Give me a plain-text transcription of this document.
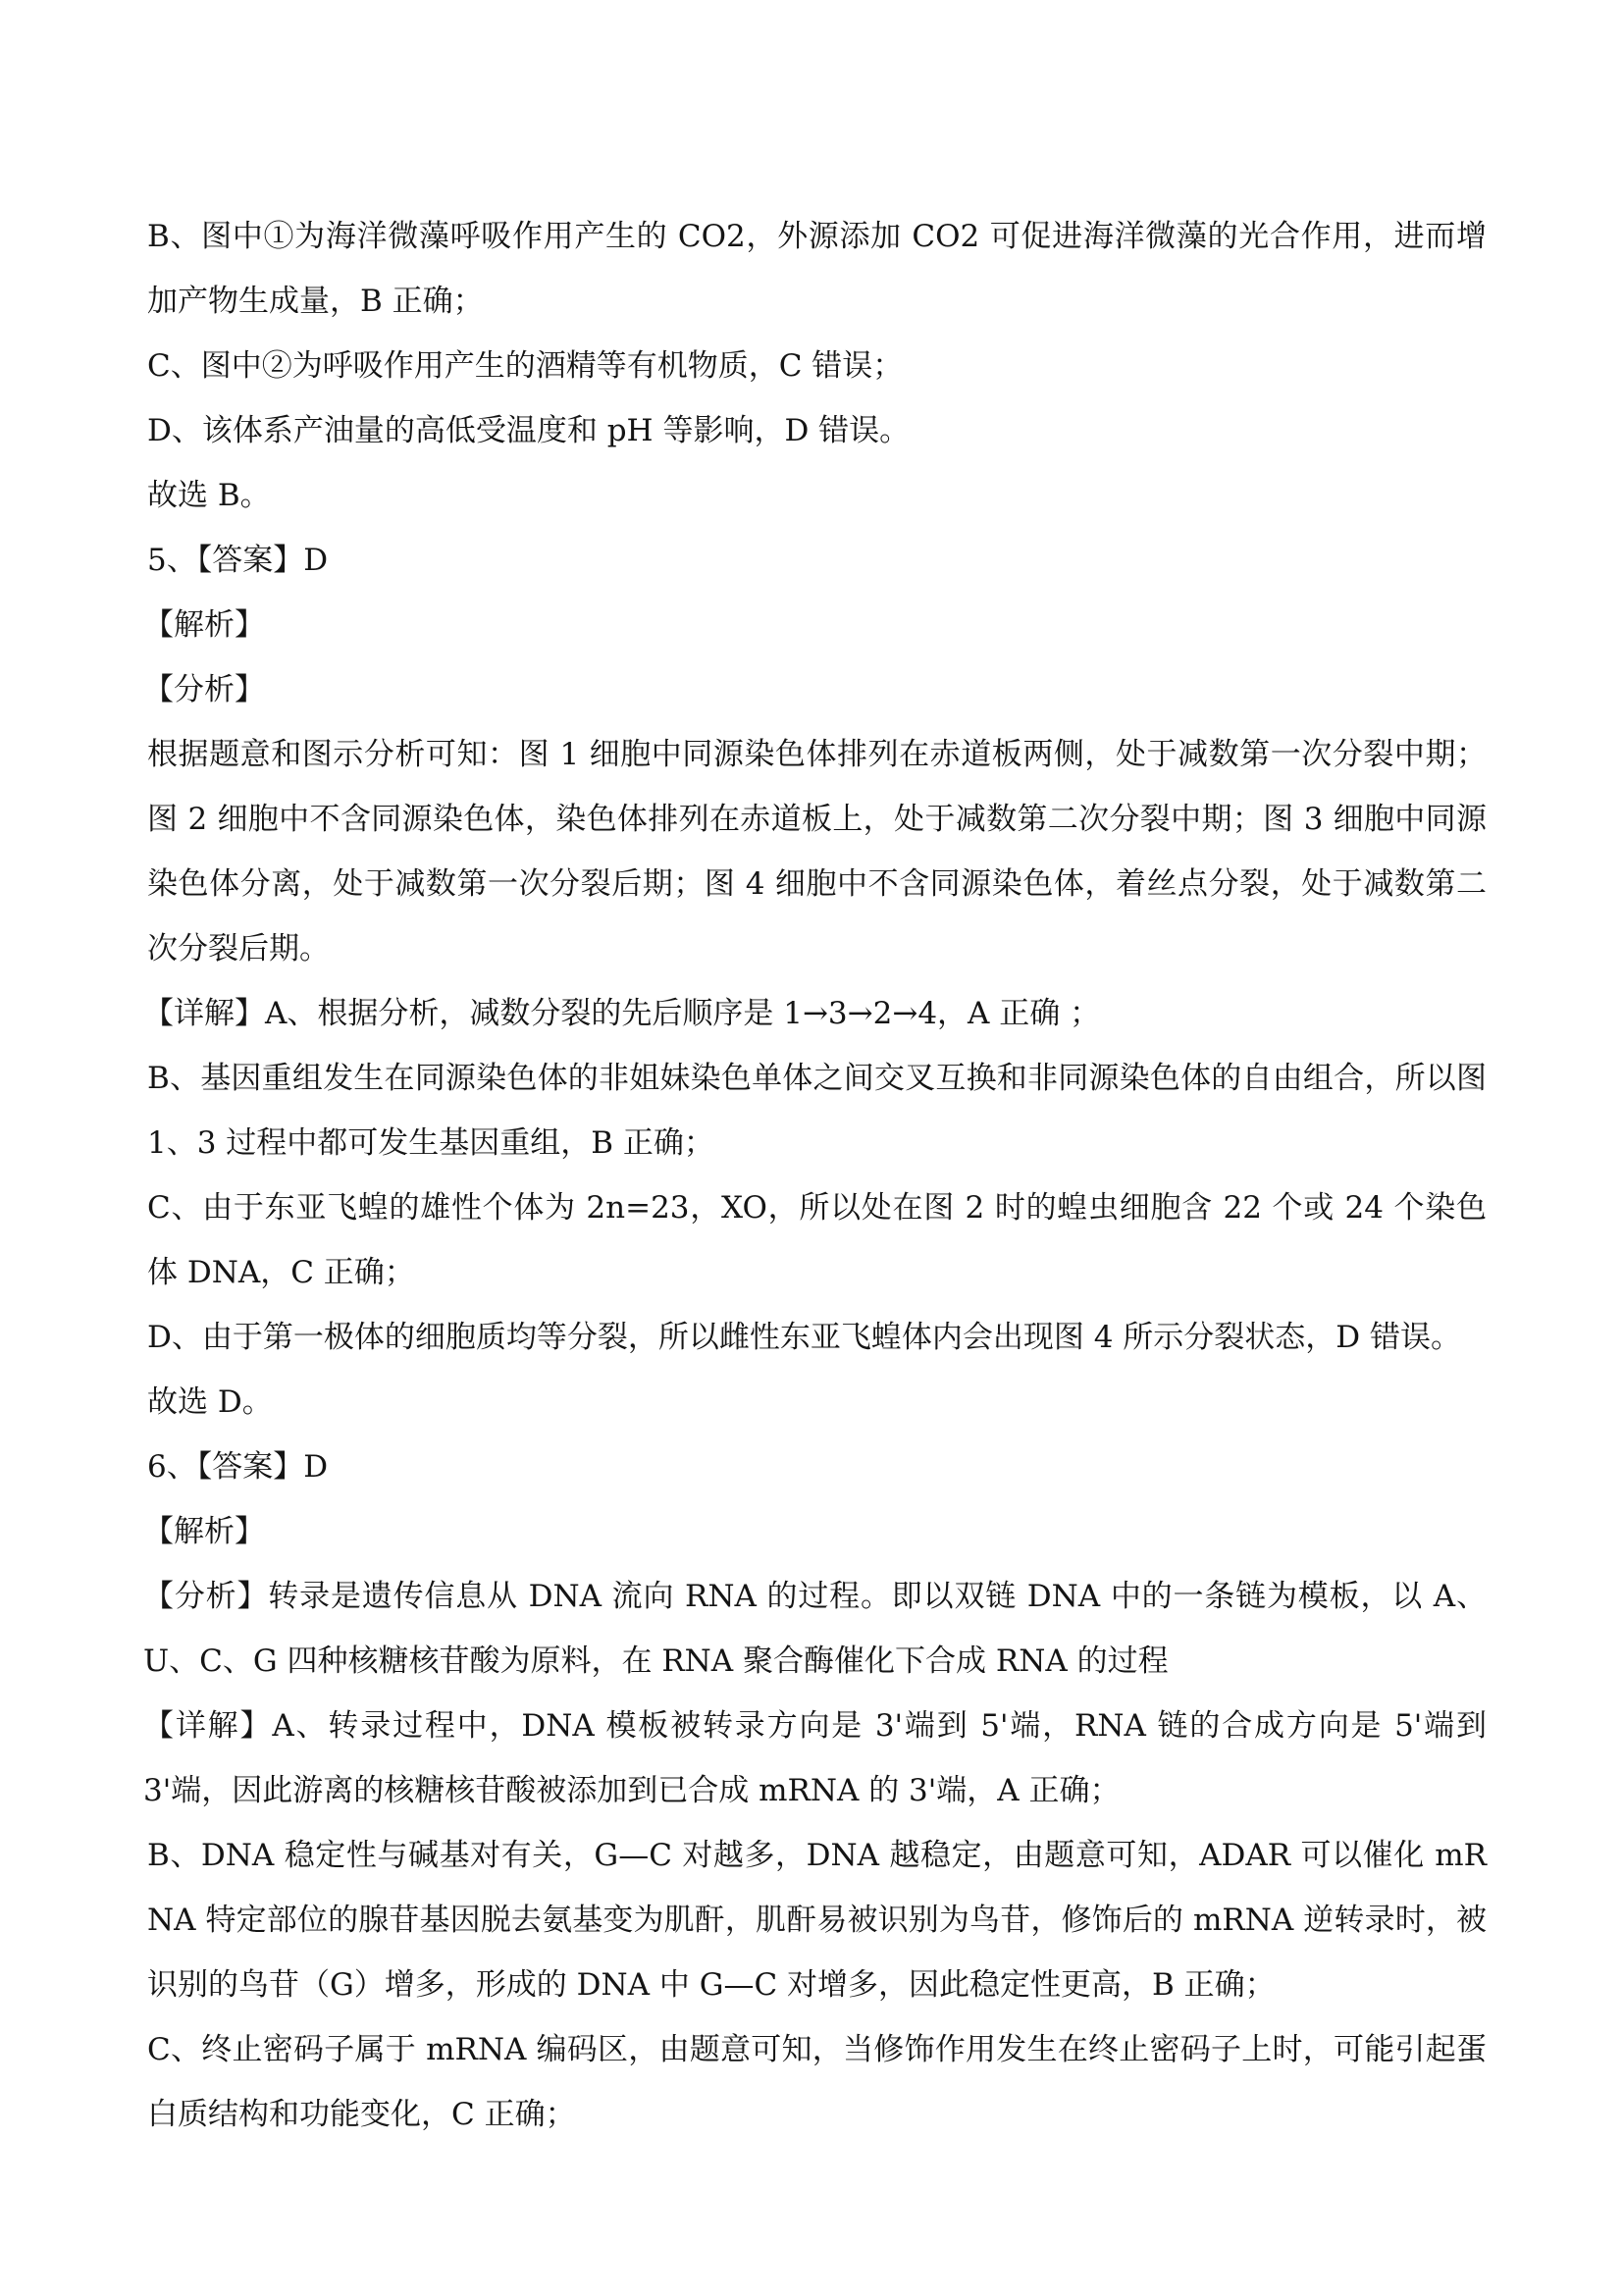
B、图中①为海洋微藻呼吸作用产生的 CO2，外源添加 CO2 可促进海洋微藻的光合作用，进而增加产物生成量，B 正确；

C、图中②为呼吸作用产生的酒精等有机物质，C 错误；

D、该体系产油量的高低受温度和 pH 等影响，D 错误。

故选 B。

5、【答案】D

【解析】

【分析】

根据题意和图示分析可知：图 1 细胞中同源染色体排列在赤道板两侧，处于减数第一次分裂中期；图 2 细胞中不含同源染色体，染色体排列在赤道板上，处于减数第二次分裂中期；图 3 细胞中同源染色体分离，处于减数第一次分裂后期；图 4 细胞中不含同源染色体，着丝点分裂，处于减数第二次分裂后期。

【详解】A、根据分析，减数分裂的先后顺序是 1→3→2→4，A 正确 ；

B、基因重组发生在同源染色体的非姐妹染色单体之间交叉互换和非同源染色体的自由组合，所以图 1、3 过程中都可发生基因重组，B 正确；

C、由于东亚飞蝗的雄性个体为 2n=23，XO，所以处在图 2 时的蝗虫细胞含 22 个或 24 个染色体 DNA，C 正确；

D、由于第一极体的细胞质均等分裂，所以雌性东亚飞蝗体内会出现图 4 所示分裂状态，D 错误。

故选 D。

6、【答案】D

【解析】

【分析】转录是遗传信息从 DNA 流向 RNA 的过程。即以双链 DNA 中的一条链为模板，以 A、U、C、G 四种核糖核苷酸为原料，在 RNA 聚合酶催化下合成 RNA 的过程

【详解】A、转录过程中，DNA 模板被转录方向是 3'端到 5'端，RNA 链的合成方向是 5'端到 3'端，因此游离的核糖核苷酸被添加到已合成 mRNA 的 3'端，A 正确；

B、DNA 稳定性与碱基对有关，G—C 对越多，DNA 越稳定，由题意可知，ADAR 可以催化 mRNA 特定部位的腺苷基因脱去氨基变为肌酐，肌酐易被识别为鸟苷，修饰后的 mRNA 逆转录时，被识别的鸟苷（G）增多，形成的 DNA 中 G—C 对增多，因此稳定性更高，B 正确；

C、终止密码子属于 mRNA 编码区，由题意可知，当修饰作用发生在终止密码子上时，可能引起蛋白质结构和功能变化，C 正确；
